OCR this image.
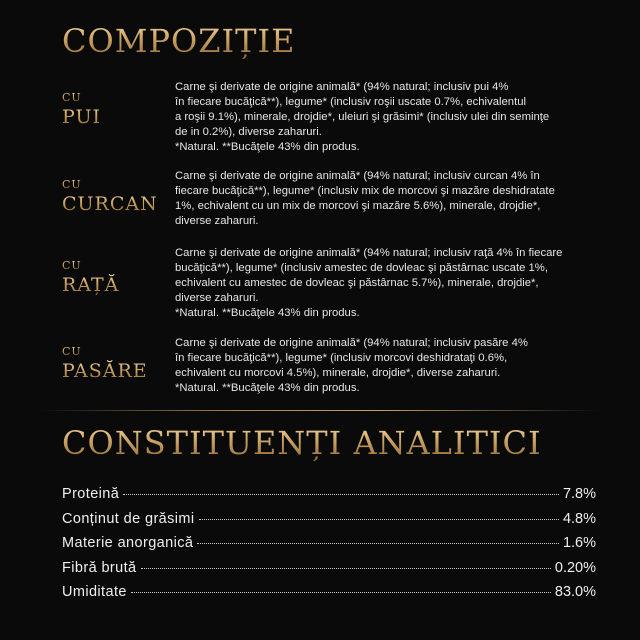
COMPOZIȚIE
CU
PUI

Carne şi derivate de origine animală* (94% natural; inclusiv pui 4%
în fiecare bucăţică**), legume* (inclusiv roşii uscate 0.7%, echivalentul
a roşii 9.1%), minerale, drojdie*, uleiuri şi grăsimi* (inclusiv ulei din seminţe
de in 0.2%), diverse zaharuri.
*Natural. **Bucăţele 43% din produs.

CU
CURCAN

Carne şi derivate de origine animală* (94% natural; inclusiv curcan 4% în
fiecare bucăţică**), legume* (inclusiv mix de morcovi şi mazăre deshidratate
1%, echivalent cu un mix de morcovi şi mazăre 5.6%), minerale, drojdie*,
diverse zaharuri.

CU
RAȚĂ

Carne şi derivate de origine animală* (94% natural; inclusiv raţă 4% în fiecare
bucăţică**), legume* (inclusiv amestec de dovleac şi păstârnac uscate 1%,
echivalent cu amestec de dovleac şi păstârnac 5.7%), minerale, drojdie*,
diverse zaharuri.
*Natural. **Bucăţele 43% din produs.

CU
PASĂRE

Carne şi derivate de origine animală* (94% natural; inclusiv pasăre 4%
în fiecare bucăţică**), legume* (inclusiv morcovi deshidrataţi 0.6%,
echivalent cu morcovi 4.5%), minerale, drojdie*, diverse zaharuri.
*Natural. **Bucăţele 43% din produs.

CONSTITUENȚI ANALITICI
Proteină	7.8%
Conținut de grăsimi	4.8%
Materie anorganică	1.6%
Fibră brută	0.20%
Umiditate	83.0%
